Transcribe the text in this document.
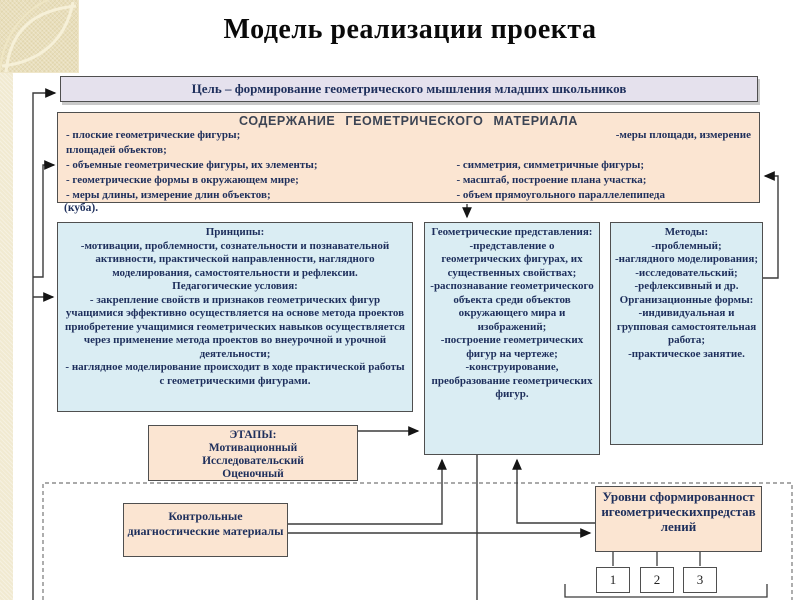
Модель реализации проекта
Цель – формирование геометрического мышления младших школьников
СОДЕРЖАНИЕ ГЕОМЕТРИЧЕСКОГО МАТЕРИАЛА
- плоские геометрические фигуры;	-меры площади, измерение
площадей объектов;
- объемные геометрические фигуры, их элементы;	- симметрия, симметричные фигуры;
- геометрические формы в окружающем мире;	- масштаб, построение плана участка;
- меры длины, измерение длин объектов;	- объем прямоугольного параллелепипеда
(куба).
Принципы:
-мотивации, проблемности, сознательности и познавательной активности, практической направленности, наглядного моделирования, самостоятельности и рефлексии.
Педагогические условия:
- закрепление свойств и признаков геометрических фигур учащимися эффективно осуществляется на основе метода проектов приобретение учащимися геометрических навыков осуществляется через применение метода проектов во внеурочной и урочной деятельности;
- наглядное моделирование происходит в ходе практической работы с геометрическими фигурами.
Геометрические представления:
-представление о геометрических фигурах, их существенных свойствах;
-распознавание геометрического объекта среди объектов окружающего мира и изображений;
-построение геометрических фигур на чертеже;
-конструирование, преобразование геометрических фигур.
Методы:
-проблемный;
-наглядного моделирования;
-исследовательский;
-рефлексивный и др.
Организационные формы:
-индивидуальная и групповая самостоятельная работа;
-практическое занятие.
ЭТАПЫ:
Мотивационный
Исследовательский
Оценочный
Контрольные диагностические материалы
Уровни сформированностигеометрическихпредставлений
1	2	3
